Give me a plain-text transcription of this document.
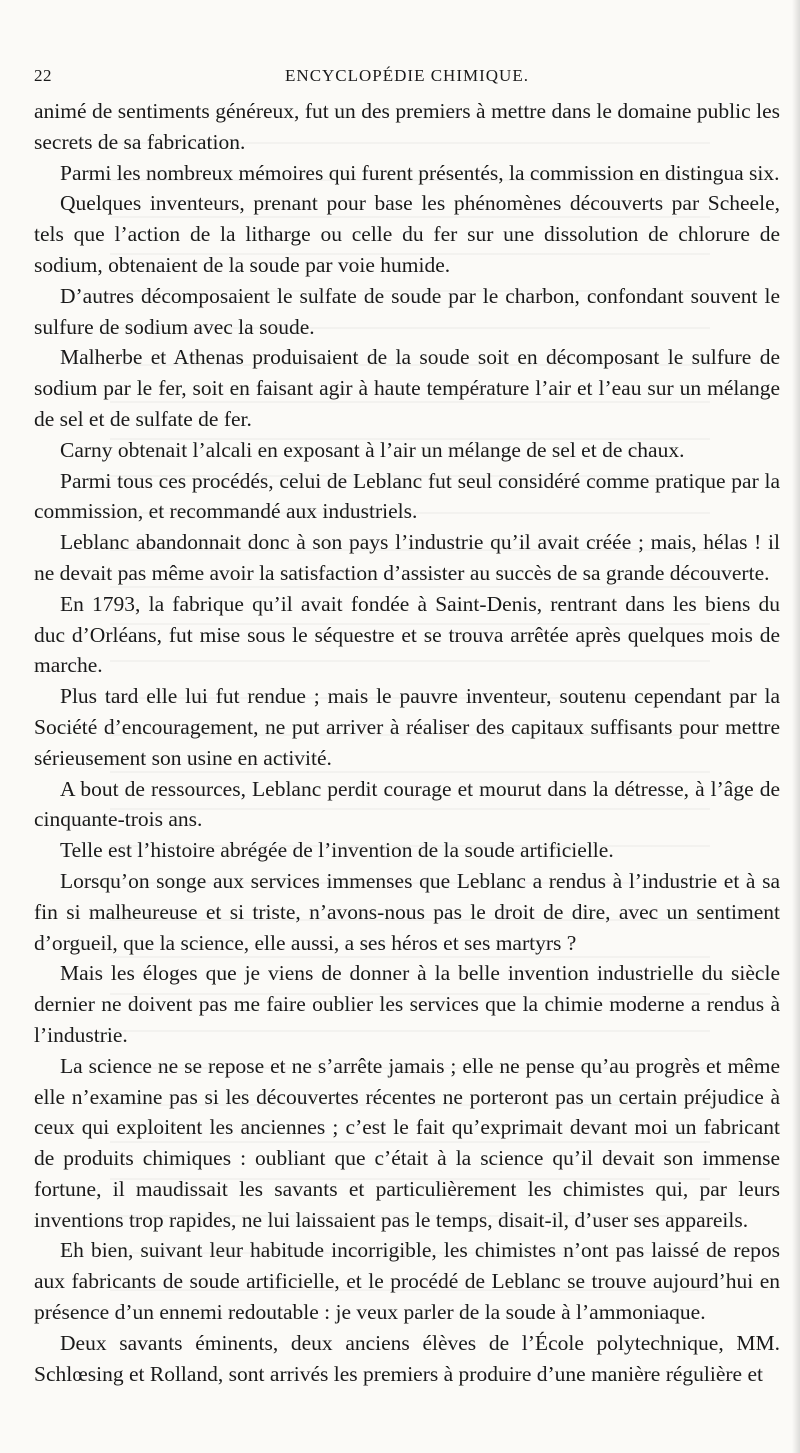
22	ENCYCLOPÉDIE CHIMIQUE.

animé de sentiments généreux, fut un des premiers à mettre dans le domaine public les secrets de sa fabrication.

Parmi les nombreux mémoires qui furent présentés, la commission en distingua six.

Quelques inventeurs, prenant pour base les phénomènes découverts par Scheele, tels que l’action de la litharge ou celle du fer sur une dissolution de chlorure de sodium, obtenaient de la soude par voie humide.

D’autres décomposaient le sulfate de soude par le charbon, confondant souvent le sulfure de sodium avec la soude.

Malherbe et Athenas produisaient de la soude soit en décomposant le sulfure de sodium par le fer, soit en faisant agir à haute température l’air et l’eau sur un mélange de sel et de sulfate de fer.

Carny obtenait l’alcali en exposant à l’air un mélange de sel et de chaux.

Parmi tous ces procédés, celui de Leblanc fut seul considéré comme pratique par la commission, et recommandé aux industriels.

Leblanc abandonnait donc à son pays l’industrie qu’il avait créée ; mais, hélas ! il ne devait pas même avoir la satisfaction d’assister au succès de sa grande découverte.

En 1793, la fabrique qu’il avait fondée à Saint-Denis, rentrant dans les biens du duc d’Orléans, fut mise sous le séquestre et se trouva arrêtée après quelques mois de marche.

Plus tard elle lui fut rendue ; mais le pauvre inventeur, soutenu cependant par la Société d’encouragement, ne put arriver à réaliser des capitaux suffisants pour mettre sérieusement son usine en activité.

A bout de ressources, Leblanc perdit courage et mourut dans la détresse, à l’âge de cinquante-trois ans.

Telle est l’histoire abrégée de l’invention de la soude artificielle.

Lorsqu’on songe aux services immenses que Leblanc a rendus à l’industrie et à sa fin si malheureuse et si triste, n’avons-nous pas le droit de dire, avec un sentiment d’orgueil, que la science, elle aussi, a ses héros et ses martyrs ?

Mais les éloges que je viens de donner à la belle invention industrielle du siècle dernier ne doivent pas me faire oublier les services que la chimie moderne a rendus à l’industrie.

La science ne se repose et ne s’arrête jamais ; elle ne pense qu’au progrès et même elle n’examine pas si les découvertes récentes ne porteront pas un certain préjudice à ceux qui exploitent les anciennes ; c’est le fait qu’exprimait devant moi un fabricant de produits chimiques : oubliant que c’était à la science qu’il devait son immense fortune, il maudissait les savants et particulièrement les chimistes qui, par leurs inventions trop rapides, ne lui laissaient pas le temps, disait-il, d’user ses appareils.

Eh bien, suivant leur habitude incorrigible, les chimistes n’ont pas laissé de repos aux fabricants de soude artificielle, et le procédé de Leblanc se trouve aujourd’hui en présence d’un ennemi redoutable : je veux parler de la soude à l’ammoniaque.

Deux savants éminents, deux anciens élèves de l’École polytechnique, MM. Schlœsing et Rolland, sont arrivés les premiers à produire d’une manière régulière et
